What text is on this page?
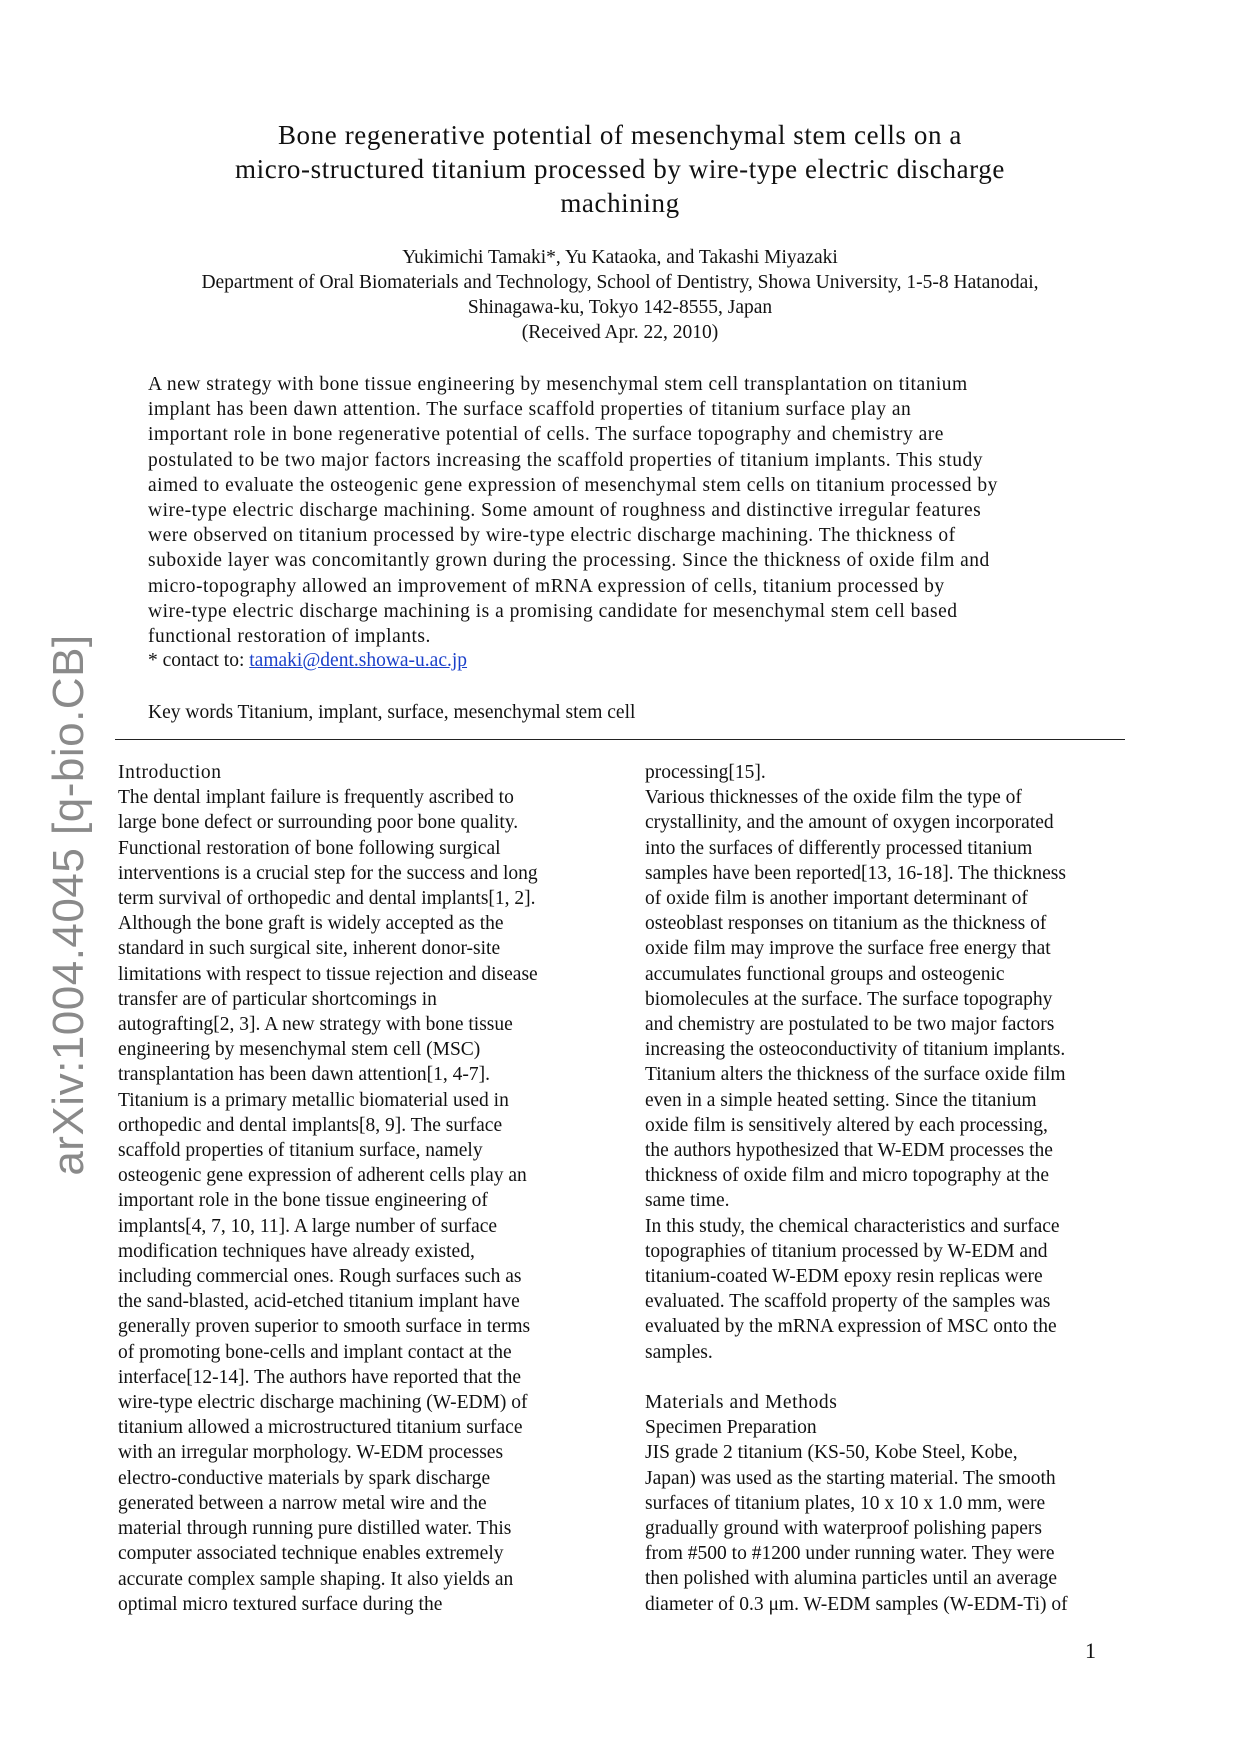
arXiv:1004.4045 [q-bio.CB]
Bone regenerative potential of mesenchymal stem cells on a
micro-structured titanium processed by wire-type electric discharge
machining
Yukimichi Tamaki*, Yu Kataoka, and Takashi Miyazaki
Department of Oral Biomaterials and Technology, School of Dentistry, Showa University, 1-5-8 Hatanodai,
Shinagawa-ku, Tokyo 142-8555, Japan
(Received Apr. 22, 2010)
A new strategy with bone tissue engineering by mesenchymal stem cell transplantation on titanium
implant has been dawn attention. The surface scaffold properties of titanium surface play an
important role in bone regenerative potential of cells. The surface topography and chemistry are
postulated to be two major factors increasing the scaffold properties of titanium implants. This study
aimed to evaluate the osteogenic gene expression of mesenchymal stem cells on titanium processed by
wire-type electric discharge machining. Some amount of roughness and distinctive irregular features
were observed on titanium processed by wire-type electric discharge machining. The thickness of
suboxide layer was concomitantly grown during the processing. Since the thickness of oxide film and
micro-topography allowed an improvement of mRNA expression of cells, titanium processed by
wire-type electric discharge machining is a promising candidate for mesenchymal stem cell based
functional restoration of implants.
* contact to: tamaki@dent.showa-u.ac.jp
Key words Titanium, implant, surface, mesenchymal stem cell
Introduction
The dental implant failure is frequently ascribed to
large bone defect or surrounding poor bone quality.
Functional restoration of bone following surgical
interventions is a crucial step for the success and long
term survival of orthopedic and dental implants[1, 2].
Although the bone graft is widely accepted as the
standard in such surgical site, inherent donor-site
limitations with respect to tissue rejection and disease
transfer are of particular shortcomings in
autografting[2, 3]. A new strategy with bone tissue
engineering by mesenchymal stem cell (MSC)
transplantation has been dawn attention[1, 4-7].
Titanium is a primary metallic biomaterial used in
orthopedic and dental implants[8, 9]. The surface
scaffold properties of titanium surface, namely
osteogenic gene expression of adherent cells play an
important role in the bone tissue engineering of
implants[4, 7, 10, 11]. A large number of surface
modification techniques have already existed,
including commercial ones. Rough surfaces such as
the sand-blasted, acid-etched titanium implant have
generally proven superior to smooth surface in terms
of promoting bone-cells and implant contact at the
interface[12-14]. The authors have reported that the
wire-type electric discharge machining (W-EDM) of
titanium allowed a microstructured titanium surface
with an irregular morphology. W-EDM processes
electro-conductive materials by spark discharge
generated between a narrow metal wire and the
material through running pure distilled water. This
computer associated technique enables extremely
accurate complex sample shaping. It also yields an
optimal micro textured surface during the
processing[15].
Various thicknesses of the oxide film the type of
crystallinity, and the amount of oxygen incorporated
into the surfaces of differently processed titanium
samples have been reported[13, 16-18]. The thickness
of oxide film is another important determinant of
osteoblast responses on titanium as the thickness of
oxide film may improve the surface free energy that
accumulates functional groups and osteogenic
biomolecules at the surface. The surface topography
and chemistry are postulated to be two major factors
increasing the osteoconductivity of titanium implants.
Titanium alters the thickness of the surface oxide film
even in a simple heated setting. Since the titanium
oxide film is sensitively altered by each processing,
the authors hypothesized that W-EDM processes the
thickness of oxide film and micro topography at the
same time.
In this study, the chemical characteristics and surface
topographies of titanium processed by W-EDM and
titanium-coated W-EDM epoxy resin replicas were
evaluated. The scaffold property of the samples was
evaluated by the mRNA expression of MSC onto the
samples.
Materials and Methods
Specimen Preparation
JIS grade 2 titanium (KS-50, Kobe Steel, Kobe,
Japan) was used as the starting material. The smooth
surfaces of titanium plates, 10 x 10 x 1.0 mm, were
gradually ground with waterproof polishing papers
from #500 to #1200 under running water. They were
then polished with alumina particles until an average
diameter of 0.3 μm. W-EDM samples (W-EDM-Ti) of
1
